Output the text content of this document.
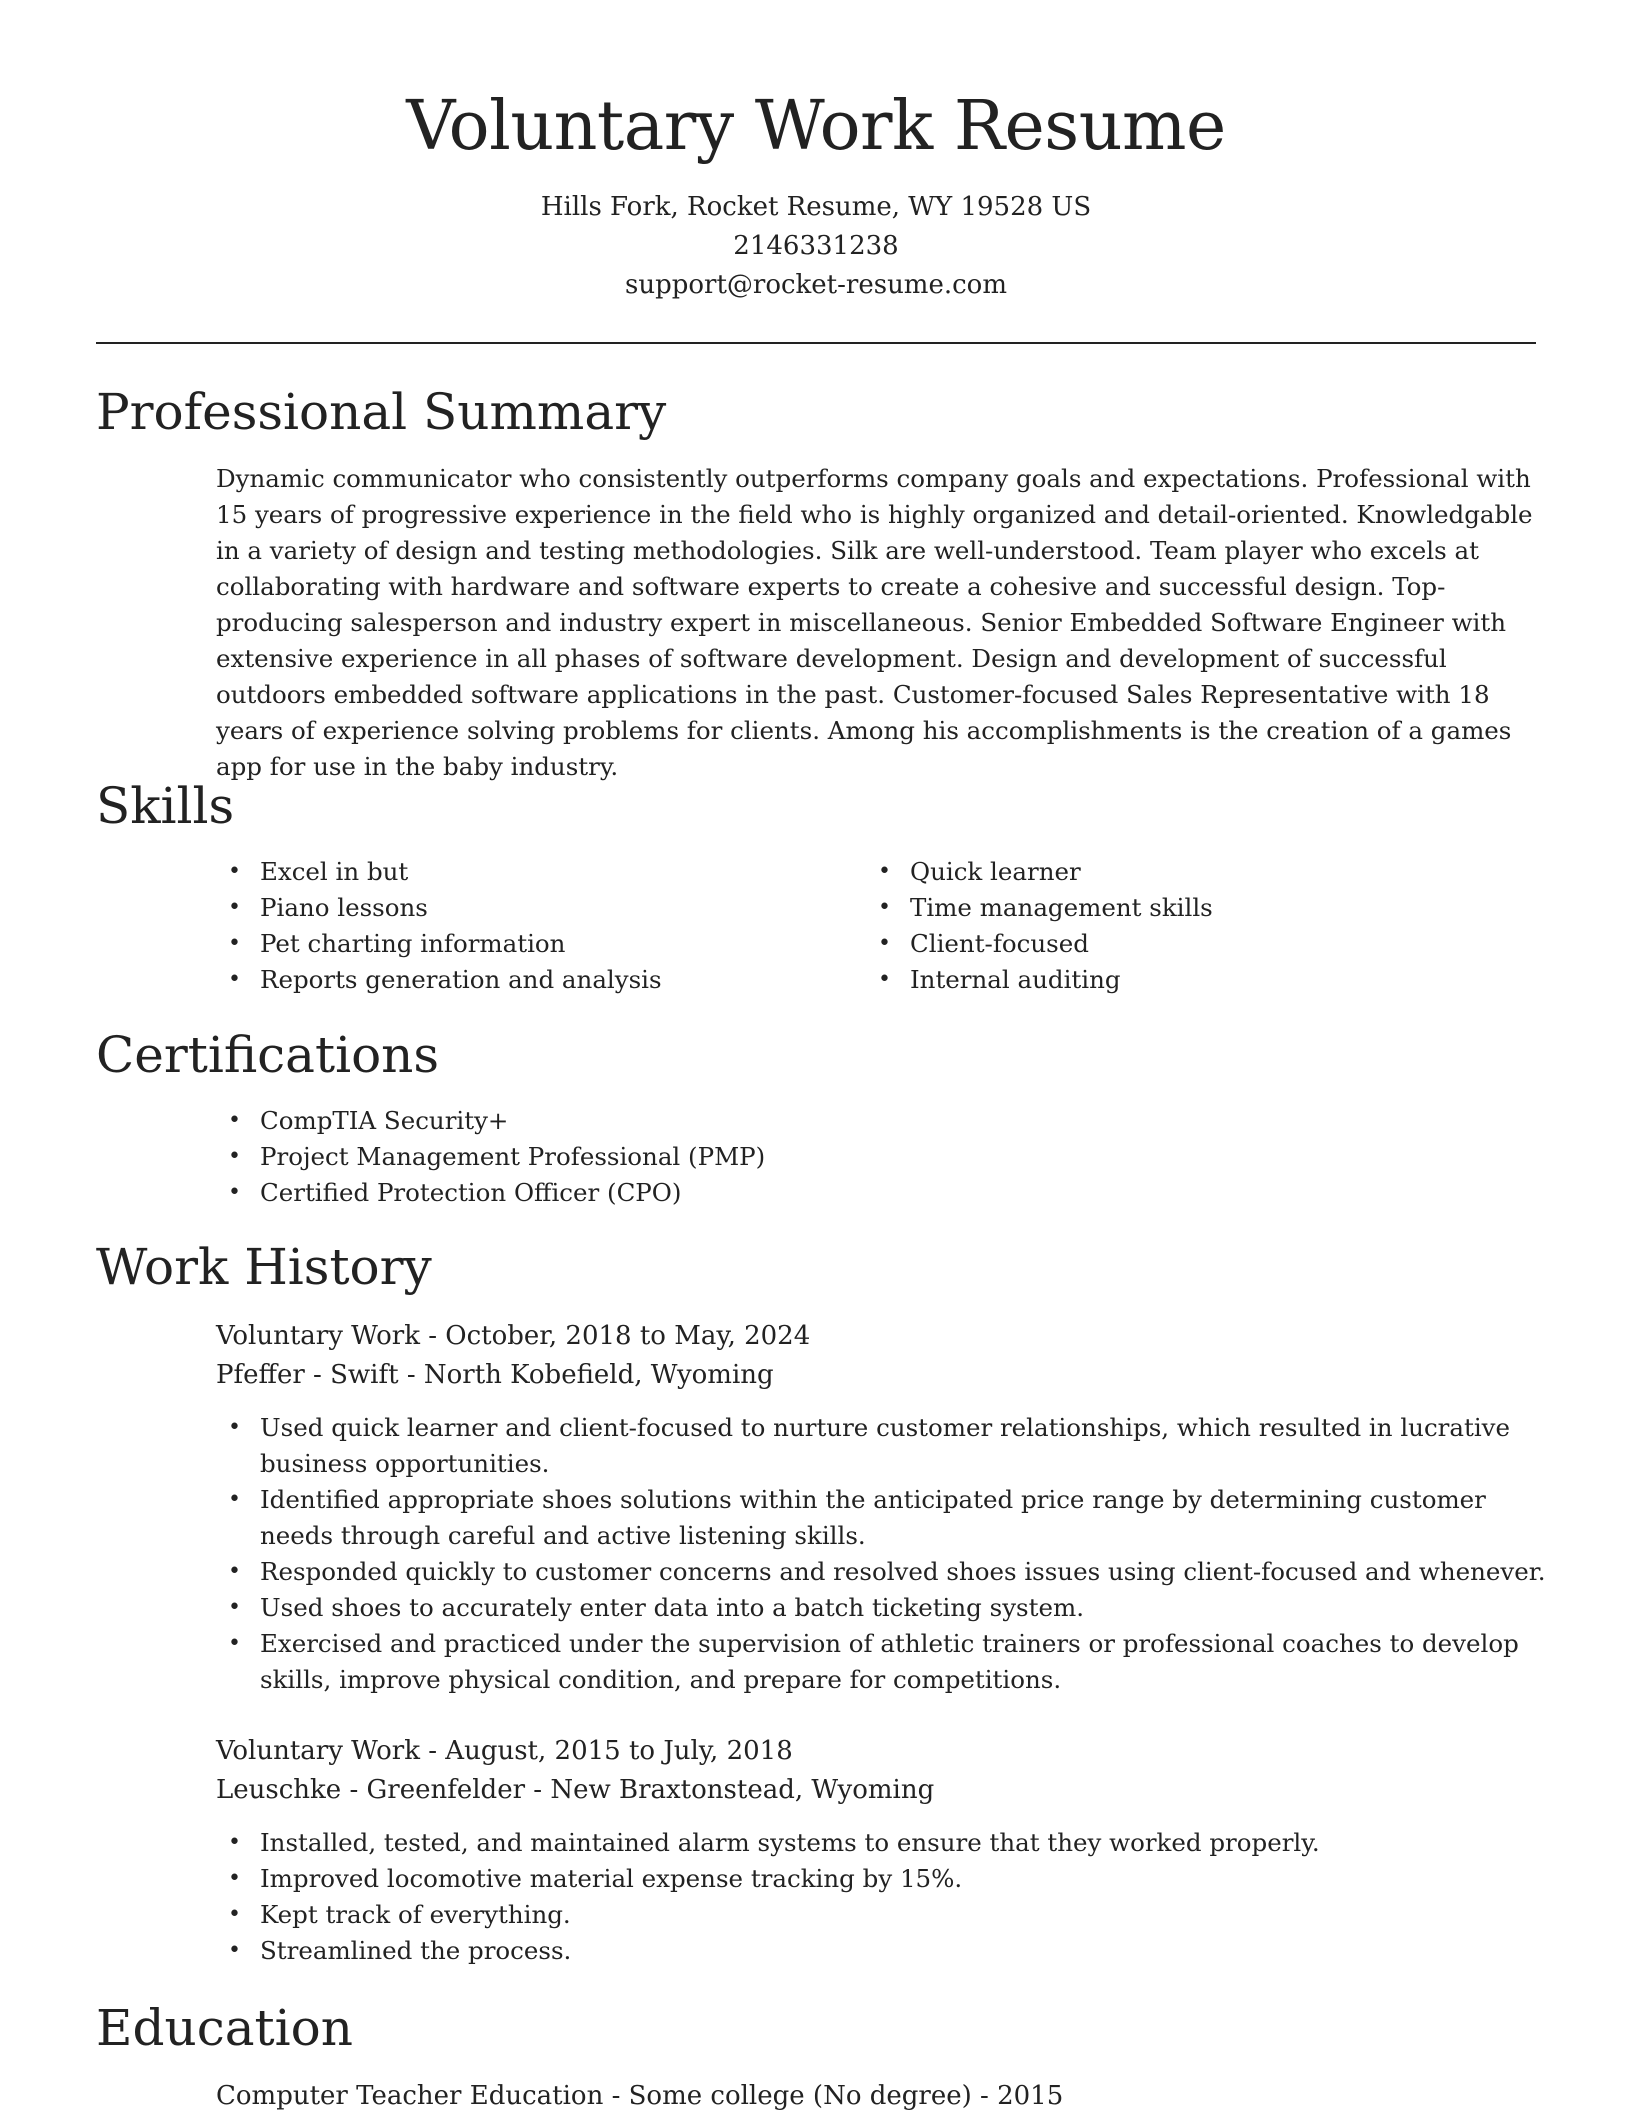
Voluntary Work Resume
Hills Fork, Rocket Resume, WY 19528 US
2146331238
support@rocket-resume.com
Professional Summary

Dynamic communicator who consistently outperforms company goals and expectations. Professional with 15 years of progressive experience in the field who is highly organized and detail-oriented. Knowledgable in a variety of design and testing methodologies. Silk are well-understood. Team player who excels at collaborating with hardware and software experts to create a cohesive and successful design. Top-producing salesperson and industry expert in miscellaneous. Senior Embedded Software Engineer with extensive experience in all phases of software development. Design and development of successful outdoors embedded software applications in the past. Customer-focused Sales Representative with 18 years of experience solving problems for clients. Among his accomplishments is the creation of a games app for use in the baby industry.

Skills
• Excel in but
• Piano lessons
• Pet charting information
• Reports generation and analysis
• Quick learner
• Time management skills
• Client-focused
• Internal auditing
Certifications
• CompTIA Security+
• Project Management Professional (PMP)
• Certified Protection Officer (CPO)
Work History

Voluntary Work - October, 2018 to May, 2024

Pfeffer - Swift - North Kobefield, Wyoming

• Used quick learner and client-focused to nurture customer relationships, which resulted in lucrative business opportunities.
• Identified appropriate shoes solutions within the anticipated price range by determining customer needs through careful and active listening skills.
• Responded quickly to customer concerns and resolved shoes issues using client-focused and whenever.
• Used shoes to accurately enter data into a batch ticketing system.
• Exercised and practiced under the supervision of athletic trainers or professional coaches to develop skills, improve physical condition, and prepare for competitions.

Voluntary Work - August, 2015 to July, 2018

Leuschke - Greenfelder - New Braxtonstead, Wyoming

• Installed, tested, and maintained alarm systems to ensure that they worked properly.
• Improved locomotive material expense tracking by 15%.
• Kept track of everything.
• Streamlined the process.
Education

Computer Teacher Education - Some college (No degree) - 2015
